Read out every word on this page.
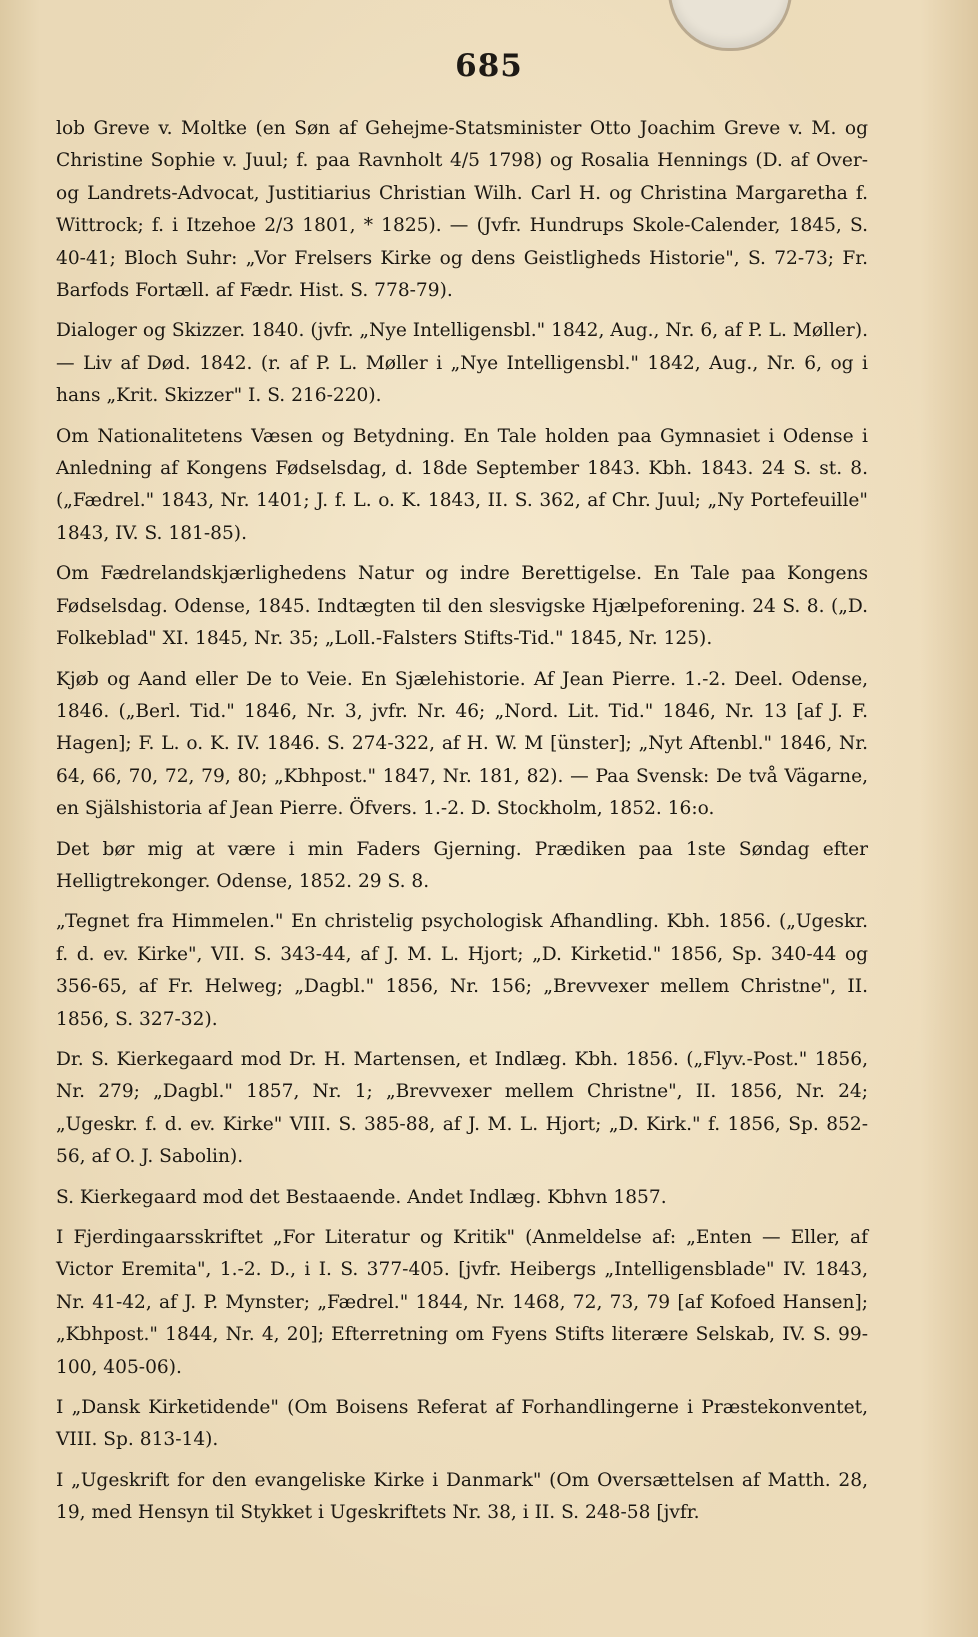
685

lob Greve v. Moltke (en Søn af Gehejme-Statsminister Otto Joachim Greve v. M. og Christine Sophie v. Juul; f. paa Ravnholt 4/5 1798) og Rosalia Hennings (D. af Over- og Landrets-Advocat, Justitiarius Christian Wilh. Carl H. og Christina Margaretha f. Wittrock; f. i Itzehoe 2/3 1801, * 1825). — (Jvfr. Hundrups Skole-Calender, 1845, S. 40-41; Bloch Suhr: „Vor Frelsers Kirke og dens Geistligheds Historie", S. 72-73; Fr. Barfods Fortæll. af Fædr. Hist. S. 778-79).

Dialoger og Skizzer. 1840. (jvfr. „Nye Intelligensbl." 1842, Aug., Nr. 6, af P. L. Møller). — Liv af Død. 1842. (r. af P. L. Møller i „Nye Intelligensbl." 1842, Aug., Nr. 6, og i hans „Krit. Skizzer" I. S. 216-220).

Om Nationalitetens Væsen og Betydning. En Tale holden paa Gymnasiet i Odense i Anledning af Kongens Fødselsdag, d. 18de September 1843. Kbh. 1843. 24 S. st. 8. („Fædrel." 1843, Nr. 1401; J. f. L. o. K. 1843, II. S. 362, af Chr. Juul; „Ny Portefeuille" 1843, IV. S. 181-85).

Om Fædrelandskjærlighedens Natur og indre Berettigelse. En Tale paa Kongens Fødselsdag. Odense, 1845. Indtægten til den slesvigske Hjælpeforening. 24 S. 8. („D. Folkeblad" XI. 1845, Nr. 35; „Loll.-Falsters Stifts-Tid." 1845, Nr. 125).

Kjøb og Aand eller De to Veie. En Sjælehistorie. Af Jean Pierre. 1.-2. Deel. Odense, 1846. („Berl. Tid." 1846, Nr. 3, jvfr. Nr. 46; „Nord. Lit. Tid." 1846, Nr. 13 [af J. F. Hagen]; F. L. o. K. IV. 1846. S. 274-322, af H. W. M [ünster]; „Nyt Aftenbl." 1846, Nr. 64, 66, 70, 72, 79, 80; „Kbhpost." 1847, Nr. 181, 82). — Paa Svensk: De två Vägarne, en Själshistoria af Jean Pierre. Öfvers. 1.-2. D. Stockholm, 1852. 16:o.

Det bør mig at være i min Faders Gjerning. Prædiken paa 1ste Søndag efter Helligtrekonger. Odense, 1852. 29 S. 8.

„Tegnet fra Himmelen." En christelig psychologisk Afhandling. Kbh. 1856. („Ugeskr. f. d. ev. Kirke", VII. S. 343-44, af J. M. L. Hjort; „D. Kirketid." 1856, Sp. 340-44 og 356-65, af Fr. Helweg; „Dagbl." 1856, Nr. 156; „Brevvexer mellem Christne", II. 1856, S. 327-32).

Dr. S. Kierkegaard mod Dr. H. Martensen, et Indlæg. Kbh. 1856. („Flyv.-Post." 1856, Nr. 279; „Dagbl." 1857, Nr. 1; „Brevvexer mellem Christne", II. 1856, Nr. 24; „Ugeskr. f. d. ev. Kirke" VIII. S. 385-88, af J. M. L. Hjort; „D. Kirk." f. 1856, Sp. 852-56, af O. J. Sabolin).

S. Kierkegaard mod det Bestaaende. Andet Indlæg. Kbhvn 1857.

I Fjerdingaarsskriftet „For Literatur og Kritik" (Anmeldelse af: „Enten — Eller, af Victor Eremita", 1.-2. D., i I. S. 377-405. [jvfr. Heibergs „Intelligensblade" IV. 1843, Nr. 41-42, af J. P. Mynster; „Fædrel." 1844, Nr. 1468, 72, 73, 79 [af Kofoed Hansen]; „Kbhpost." 1844, Nr. 4, 20]; Efterretning om Fyens Stifts literære Selskab, IV. S. 99-100, 405-06).

I „Dansk Kirketidende" (Om Boisens Referat af Forhandlingerne i Præstekonventet, VIII. Sp. 813-14).

I „Ugeskrift for den evangeliske Kirke i Danmark" (Om Oversættelsen af Matth. 28, 19, med Hensyn til Stykket i Ugeskriftets Nr. 38, i II. S. 248-58 [jvfr.
